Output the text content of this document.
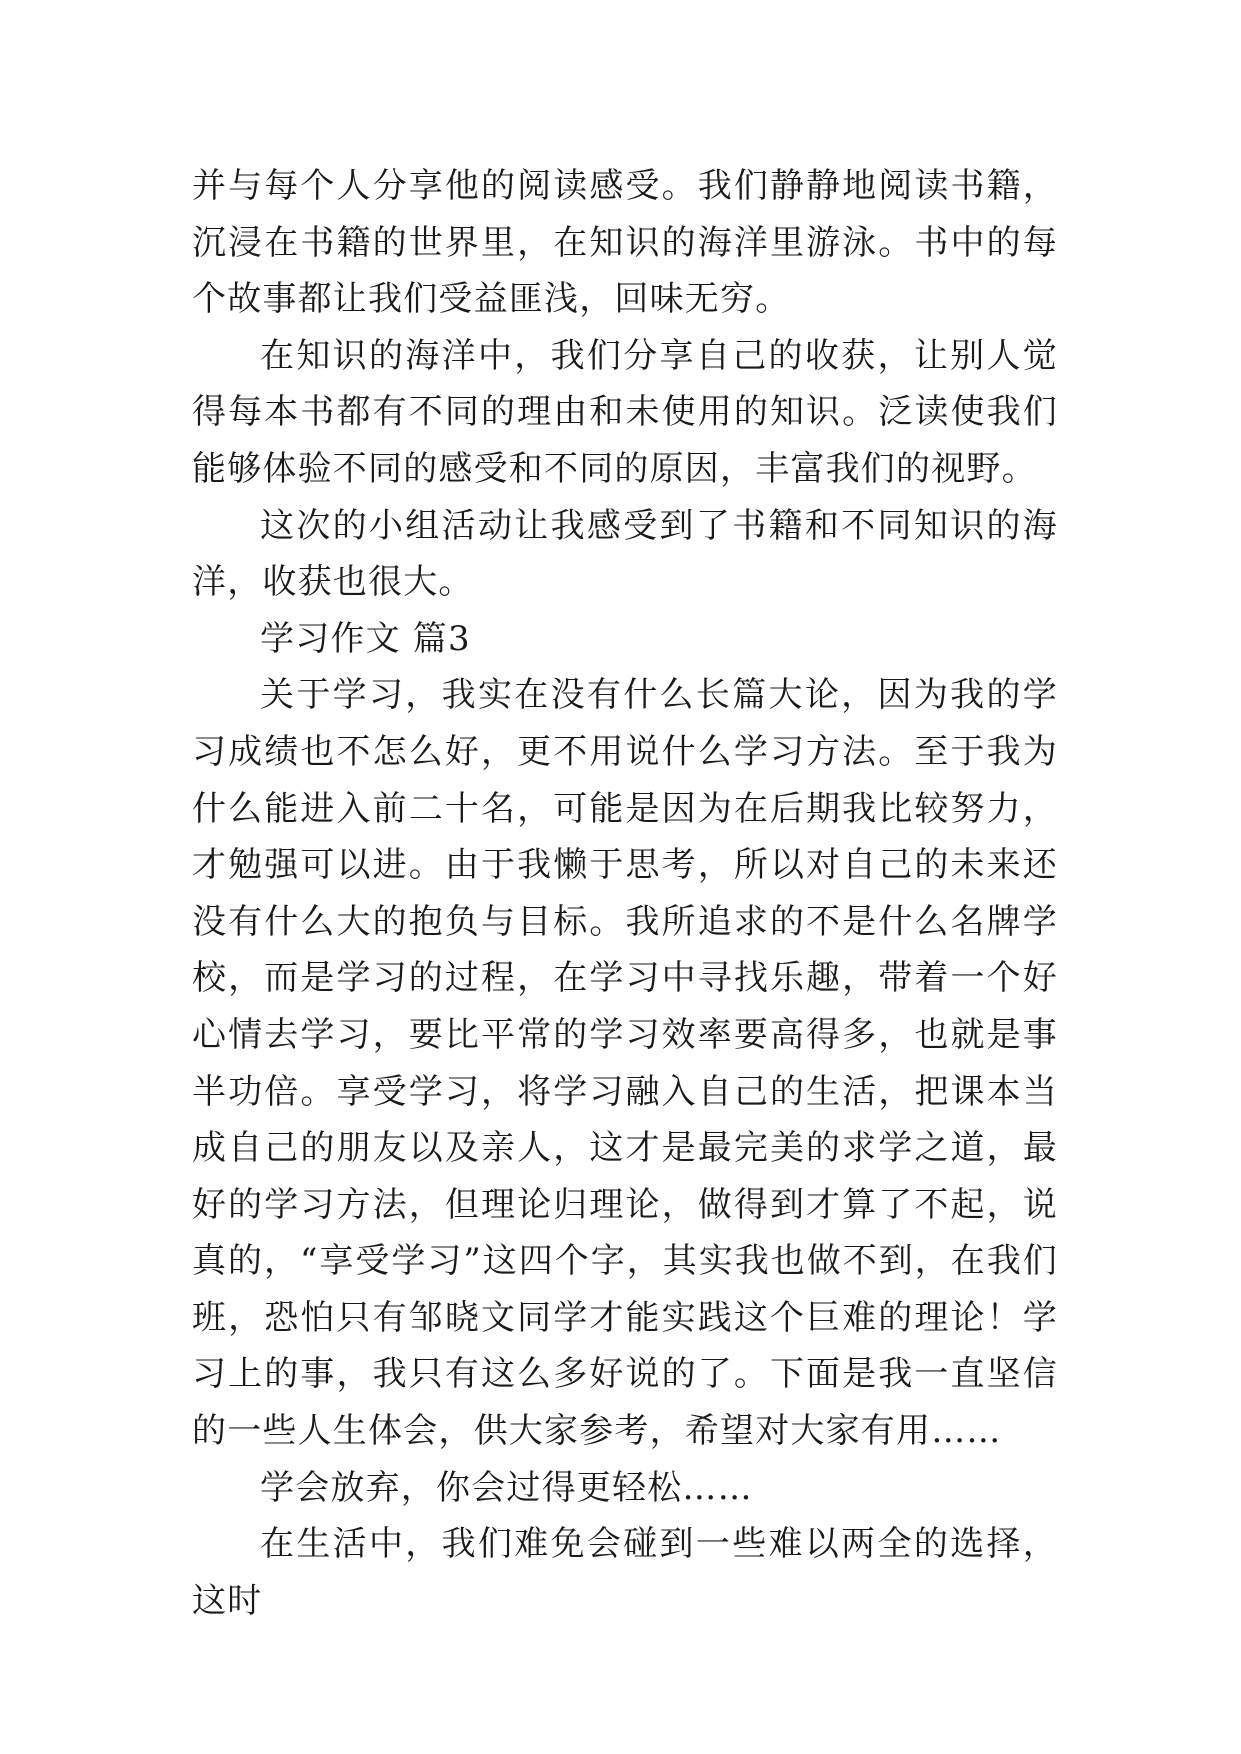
并与每个人分享他的阅读感受。我们静静地阅读书籍，沉浸在书籍的世界里，在知识的海洋里游泳。书中的每个故事都让我们受益匪浅，回味无穷。

在知识的海洋中，我们分享自己的收获，让别人觉得每本书都有不同的理由和未使用的知识。泛读使我们能够体验不同的感受和不同的原因，丰富我们的视野。

这次的小组活动让我感受到了书籍和不同知识的海洋，收获也很大。

学习作文 篇3

关于学习，我实在没有什么长篇大论，因为我的学习成绩也不怎么好，更不用说什么学习方法。至于我为什么能进入前二十名，可能是因为在后期我比较努力，才勉强可以进。由于我懒于思考，所以对自己的未来还没有什么大的抱负与目标。我所追求的不是什么名牌学校，而是学习的过程，在学习中寻找乐趣，带着一个好心情去学习，要比平常的学习效率要高得多，也就是事半功倍。享受学习，将学习融入自己的生活，把课本当成自己的朋友以及亲人，这才是最完美的求学之道，最好的学习方法，但理论归理论，做得到才算了不起，说真的，“享受学习”这四个字，其实我也做不到，在我们班，恐怕只有邹晓文同学才能实践这个巨难的理论！学习上的事，我只有这么多好说的了。下面是我一直坚信的一些人生体会，供大家参考，希望对大家有用……

学会放弃，你会过得更轻松……

在生活中，我们难免会碰到一些难以两全的选择，这时
